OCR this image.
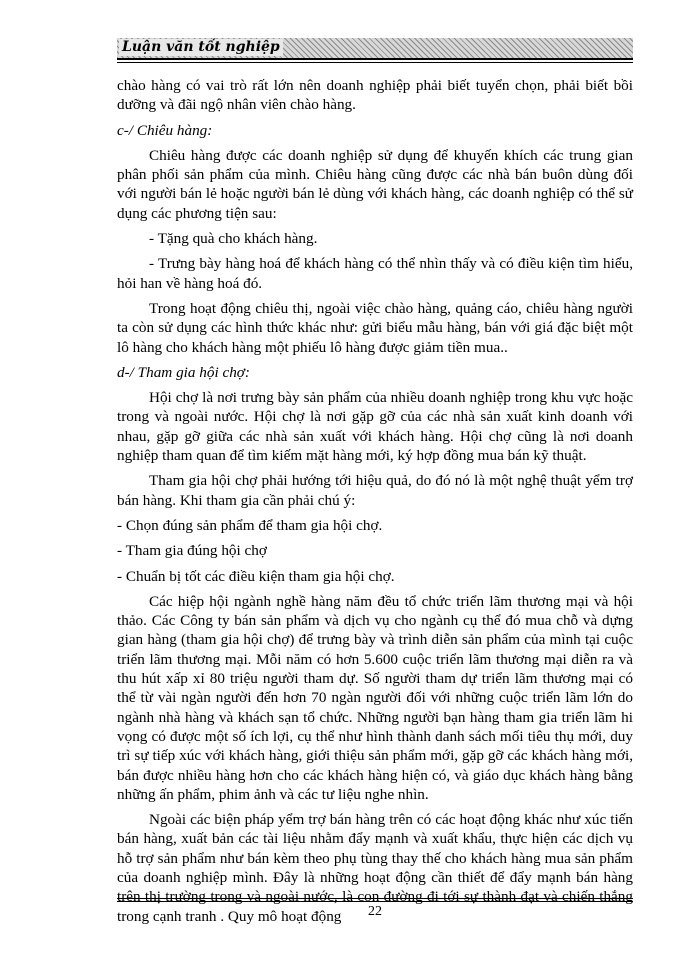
Luận văn tốt nghiệp

chào hàng có vai trò rất lớn nên doanh nghiệp phải biết tuyển chọn, phải biết bồi dưỡng và đãi ngộ nhân viên chào hàng.

c-/ Chiêu hàng:

Chiêu hàng được các doanh nghiệp sử dụng để khuyến khích các trung gian phân phối sản phẩm của mình. Chiêu hàng cũng được các nhà bán buôn dùng đối với người bán lẻ hoặc người bán lẻ dùng với khách hàng, các doanh nghiệp có thể sử dụng các phương tiện sau:

- Tặng quà cho khách hàng.

- Trưng bày hàng hoá để khách hàng có thể nhìn thấy và có điều kiện tìm hiểu, hỏi han về hàng hoá đó.

Trong hoạt động chiêu thị, ngoài việc chào hàng, quảng cáo, chiêu hàng người ta còn sử dụng các hình thức khác như: gửi biểu mẫu hàng, bán với giá đặc biệt một lô hàng cho khách hàng một phiếu lô hàng được giảm tiền mua..

d-/ Tham gia hội chợ:

Hội chợ là nơi trưng bày sản phẩm của nhiều doanh nghiệp trong khu vực hoặc trong và ngoài nước. Hội chợ là nơi gặp gỡ của các nhà sản xuất kinh doanh với nhau, gặp gỡ giữa các nhà sản xuất với khách hàng. Hội chợ cũng là nơi doanh nghiệp tham quan để tìm kiếm mặt hàng mới, ký hợp đồng mua bán kỹ thuật.

Tham gia hội chợ phải hướng tới hiệu quả, do đó nó là một nghệ thuật yểm trợ bán hàng. Khi tham gia cần phải chú ý:

- Chọn đúng sản phẩm để tham gia hội chợ.

- Tham gia đúng hội chợ

- Chuẩn bị tốt các điều kiện tham gia hội chợ.

Các hiệp hội ngành nghề hàng năm đều tổ chức triển lãm thương mại và hội thảo. Các Công ty bán sản phẩm và dịch vụ cho ngành cụ thể đó mua chỗ và dựng gian hàng (tham gia hội chợ) để trưng bày và trình diễn sản phẩm của mình tại cuộc triển lãm thương mại. Mỗi năm có hơn 5.600 cuộc triển lãm thương mại diễn ra và thu hút xấp xỉ 80 triệu người tham dự. Số người tham dự triển lãm thương mại có thể từ vài ngàn người đến hơn 70 ngàn người đối với những cuộc triển lãm lớn do ngành nhà hàng và khách sạn tổ chức. Những người bạn hàng tham gia triển lãm hi vọng có được một số ích lợi, cụ thể như hình thành danh sách mối tiêu thụ mới, duy trì sự tiếp xúc với khách hàng, giới thiệu sản phẩm mới, gặp gỡ các khách hàng mới, bán được nhiều hàng hơn cho các khách hàng hiện có, và giáo dục khách hàng bằng những ấn phẩm, phim ảnh và các tư liệu nghe nhìn.

Ngoài các biện pháp yểm trợ bán hàng trên có các hoạt động khác như xúc tiến bán hàng, xuất bản các tài liệu nhằm đẩy mạnh và xuất khẩu, thực hiện các dịch vụ hỗ trợ sản phẩm như bán kèm theo phụ tùng thay thế cho khách hàng mua sản phẩm của doanh nghiệp mình. Đây là những hoạt động cần thiết để đẩy mạnh bán hàng trên thị trường trong và ngoài nước, là con đường đi tới sự thành đạt và chiến thắng trong cạnh tranh . Quy mô hoạt động	22
